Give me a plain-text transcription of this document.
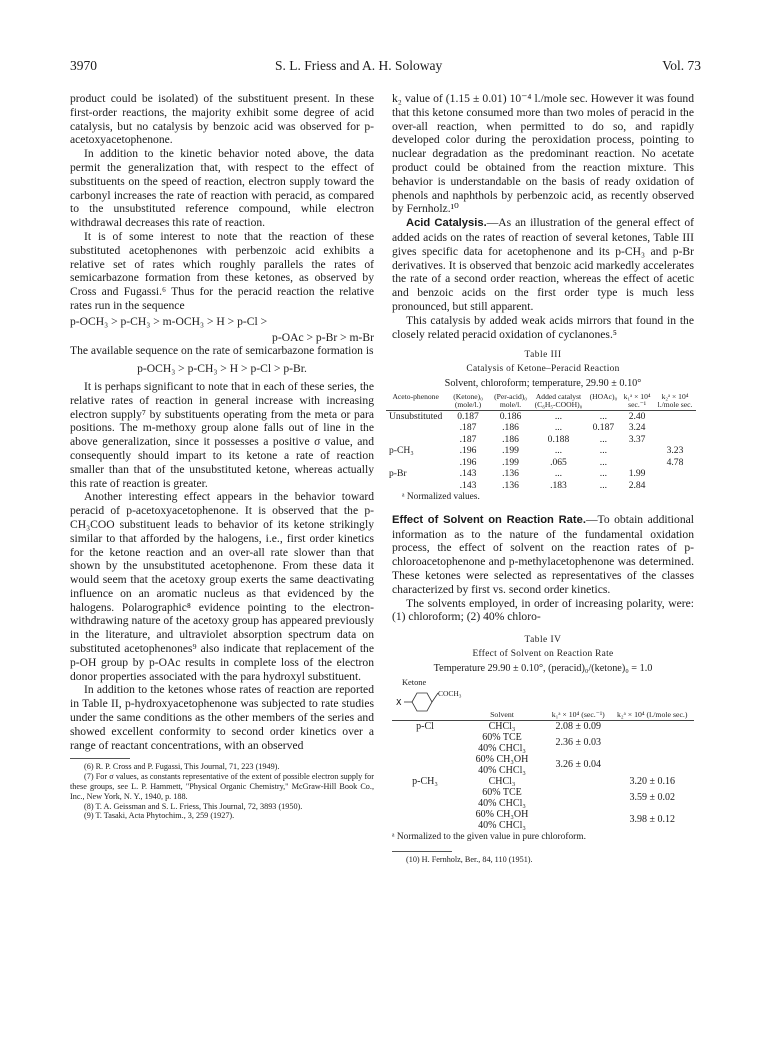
3970	S. L. Friess and A. H. Soloway	Vol. 73

product could be isolated) of the substituent present. In these first-order reactions, the majority exhibit some degree of acid catalysis, but no catalysis by benzoic acid was observed for p-acetoxyacetophenone.

In addition to the kinetic behavior noted above, the data permit the generalization that, with respect to the effect of substituents on the speed of reaction, electron supply toward the carbonyl increases the rate of reaction with peracid, as compared to the unsubstituted reference compound, while electron withdrawal decreases this rate of reaction.

It is of some interest to note that the reaction of these substituted acetophenones with perbenzoic acid exhibits a relative set of rates which roughly parallels the rates of semicarbazone formation from these ketones, as observed by Cross and Fugassi.⁶ Thus for the peracid reaction the relative rates run in the sequence

p-OCH₃ > p-CH₃ > m-OCH₃ > H > p-Cl >
p-OAc > p-Br > m-Br

The available sequence on the rate of semicarbazone formation is

p-OCH₃ > p-CH₃ > H > p-Cl > p-Br.

It is perhaps significant to note that in each of these series, the relative rates of reaction in general increase with increasing electron supply⁷ by substituents operating from the meta or para positions. The m-methoxy group alone falls out of line in the above generalization, since it possesses a positive σ value, and consequently should impart to its ketone a rate of reaction smaller than that of the unsubstituted ketone, whereas actually this rate of reaction is greater.

Another interesting effect appears in the behavior toward peracid of p-acetoxyacetophenone. It is observed that the p-CH₃COO substituent leads to behavior of its ketone strikingly similar to that afforded by the halogens, i.e., first order kinetics for the ketone reaction and an over-all rate slower than that shown by the unsubstituted acetophenone. From these data it would seem that the acetoxy group exerts the same deactivating influence on an aromatic nucleus as that evidenced by the halogens. Polarographic⁸ evidence pointing to the electron-withdrawing nature of the acetoxy group has appeared previously in the literature, and ultraviolet absorption spectrum data on substituted acetophenones⁹ also indicate that replacement of the p-OH group by p-OAc results in complete loss of the electron donor properties associated with the para hydroxyl substituent.

In addition to the ketones whose rates of reaction are reported in Table II, p-hydroxyacetophenone was subjected to rate studies under the same conditions as the other members of the series and showed excellent conformity to second order kinetics over a range of reactant concentrations, with an observed

(6) R. P. Cross and P. Fugassi, This Journal, 71, 223 (1949).

(7) For σ values, as constants representative of the extent of possible electron supply for these groups, see L. P. Hammett, "Physical Organic Chemistry," McGraw-Hill Book Co., Inc., New York, N. Y., 1940, p. 188.

(8) T. A. Geissman and S. L. Friess, This Journal, 72, 3893 (1950).

(9) T. Tasaki, Acta Phytochim., 3, 259 (1927).

k₂ value of (1.15 ± 0.01) 10⁻⁴ l./mole sec. However it was found that this ketone consumed more than two moles of peracid in the over-all reaction, when permitted to do so, and rapidly developed color during the peroxidation process, pointing to nuclear degradation as the predominant reaction. No acetate product could be obtained from the reaction mixture. This behavior is understandable on the basis of ready oxidation of phenols and naphthols by perbenzoic acid, as recently observed by Fernholz.¹⁰

Acid Catalysis.—As an illustration of the general effect of added acids on the rates of reaction of several ketones, Table III gives specific data for acetophenone and its p-CH₃ and p-Br derivatives. It is observed that benzoic acid markedly accelerates the rate of a second order reaction, whereas the effect of acetic and benzoic acids on the first order type is much less pronounced, but still apparent.

This catalysis by added weak acids mirrors that found in the closely related peracid oxidation of cyclanones.⁵

Table III
Catalysis of Ketone–Peracid Reaction
Solvent, chloroform; temperature, 29.90 ± 0.10°
Aceto-phenone	(Ketone)₀ (mole/l.)	(Per-acid)₀ mole/l.	Added catalyst (C₆H₅-COOH)₀	(HOAc)₀	k₁ᵃ × 10⁴ sec.⁻¹	k₂ᵃ × 10⁴ l./mole sec.
Unsubstituted	0.187	0.186	...	...	2.40	
	.187	.186	...	0.187	3.24	
	.187	.186	0.188	...	3.37	
p-CH₃	.196	.199	...	...		3.23
	.196	.199	.065	...		4.78
p-Br	.143	.136	...	...	1.99	
	.143	.136	.183	...	2.84	
ᵃ Normalized values.

Effect of Solvent on Reaction Rate.—To obtain additional information as to the nature of the fundamental oxidation process, the effect of solvent on the reaction rates of p-chloroacetophenone and p-methylacetophenone was determined. These ketones were selected as representatives of the classes characterized by first vs. second order kinetics.

The solvents employed, in order of increasing polarity, were: (1) chloroform; (2) 40% chloro-

Table IV
Effect of Solvent on Reaction Rate
Temperature 29.90 ± 0.10°, (peracid)₀/(ketone)₀ = 1.0
Ketone
X
COCH₃
	Solvent	k₁ᵃ × 10⁴ (sec.⁻¹)	k₂ᵃ × 10⁴ (l./mole sec.)
p-Cl	CHCl₃	2.08 ± 0.09	

	60% TCE
40% CHCl₃	2.36 ± 0.03	

	60% CH₃OH
40% CHCl₃	3.26 ± 0.04	
p-CH₃	CHCl₃		3.20 ± 0.16

	60% TCE
40% CHCl₃		3.59 ± 0.02

	60% CH₃OH
40% CHCl₃		3.98 ± 0.12
ᵃ Normalized to the given value in pure chloroform.

(10) H. Fernholz, Ber., 84, 110 (1951).
